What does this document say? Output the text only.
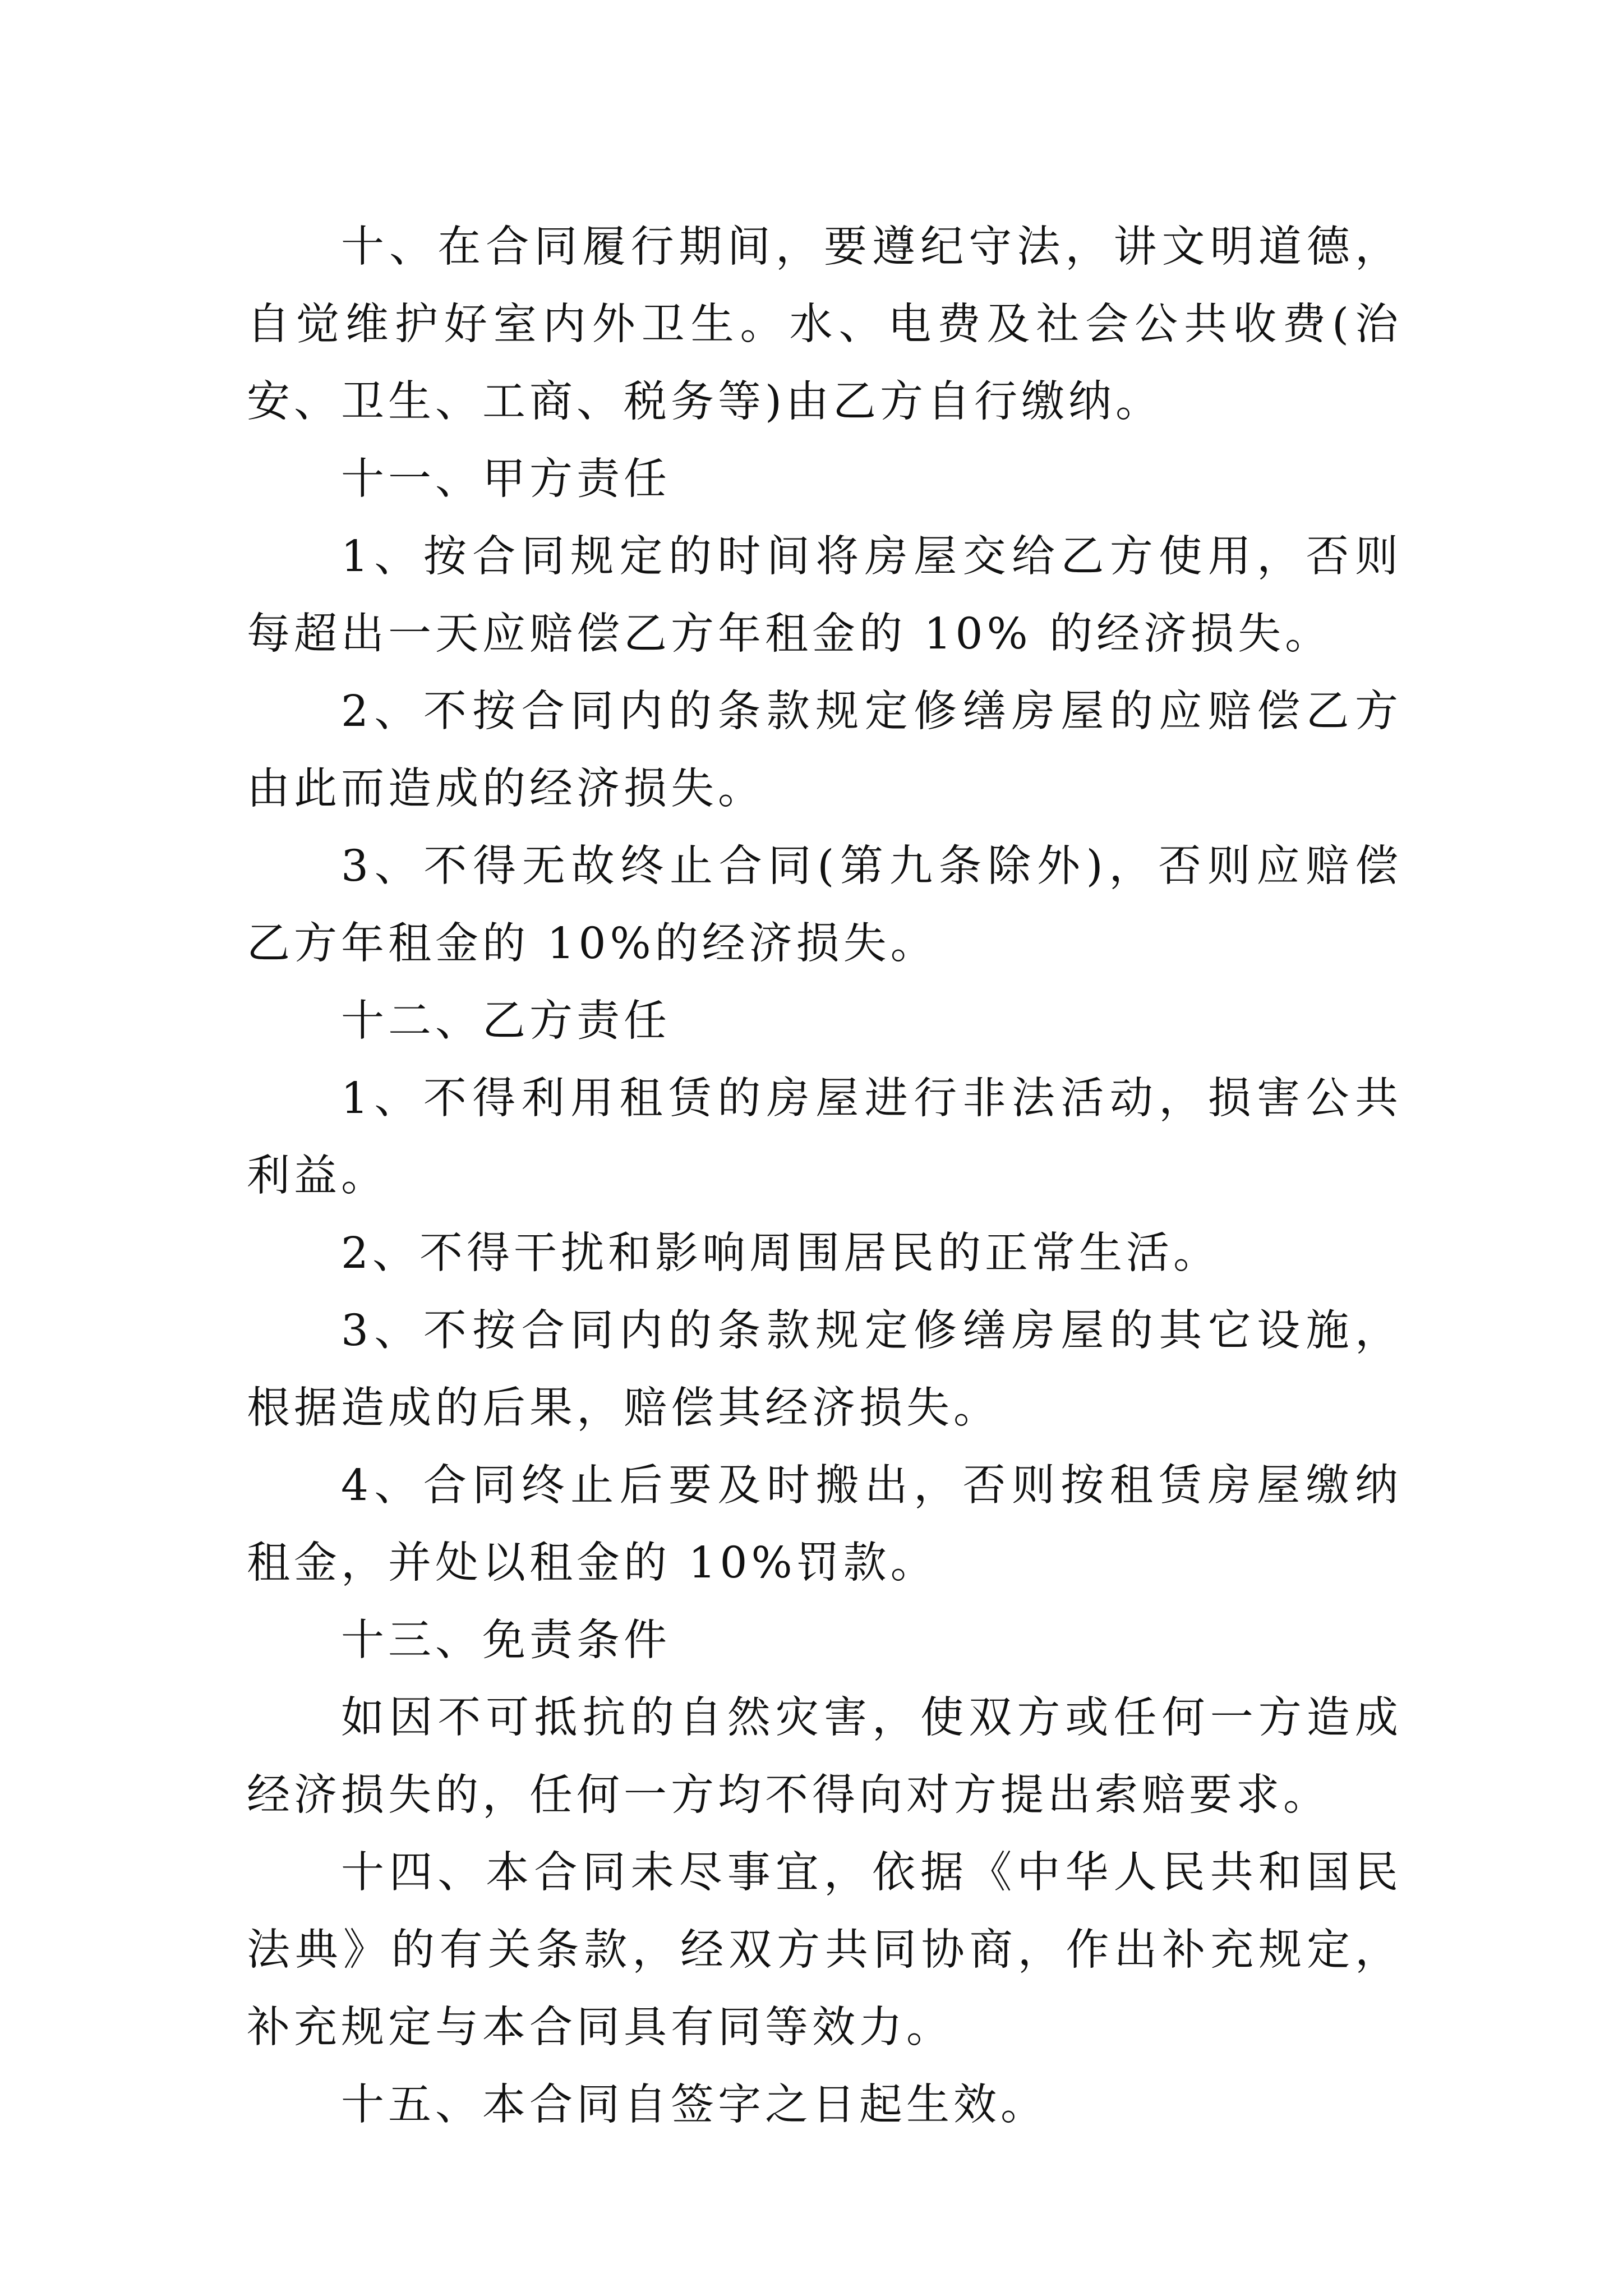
十、在合同履行期间，要遵纪守法，讲文明道德，自觉维护好室内外卫生。水、电费及社会公共收费(治安、卫生、工商、税务等)由乙方自行缴纳。

十一、甲方责任

1、按合同规定的时间将房屋交给乙方使用，否则每超出一天应赔偿乙方年租金的 10% 的经济损失。

2、不按合同内的条款规定修缮房屋的应赔偿乙方由此而造成的经济损失。

3、不得无故终止合同(第九条除外)，否则应赔偿乙方年租金的 10%的经济损失。

十二、乙方责任

1、不得利用租赁的房屋进行非法活动，损害公共利益。

2、不得干扰和影响周围居民的正常生活。

3、不按合同内的条款规定修缮房屋的其它设施，根据造成的后果，赔偿其经济损失。

4、合同终止后要及时搬出，否则按租赁房屋缴纳租金，并处以租金的 10%罚款。

十三、免责条件

如因不可抵抗的自然灾害，使双方或任何一方造成经济损失的，任何一方均不得向对方提出索赔要求。

十四、本合同未尽事宜，依据《中华人民共和国民法典》的有关条款，经双方共同协商，作出补充规定，补充规定与本合同具有同等效力。

十五、本合同自签字之日起生效。
